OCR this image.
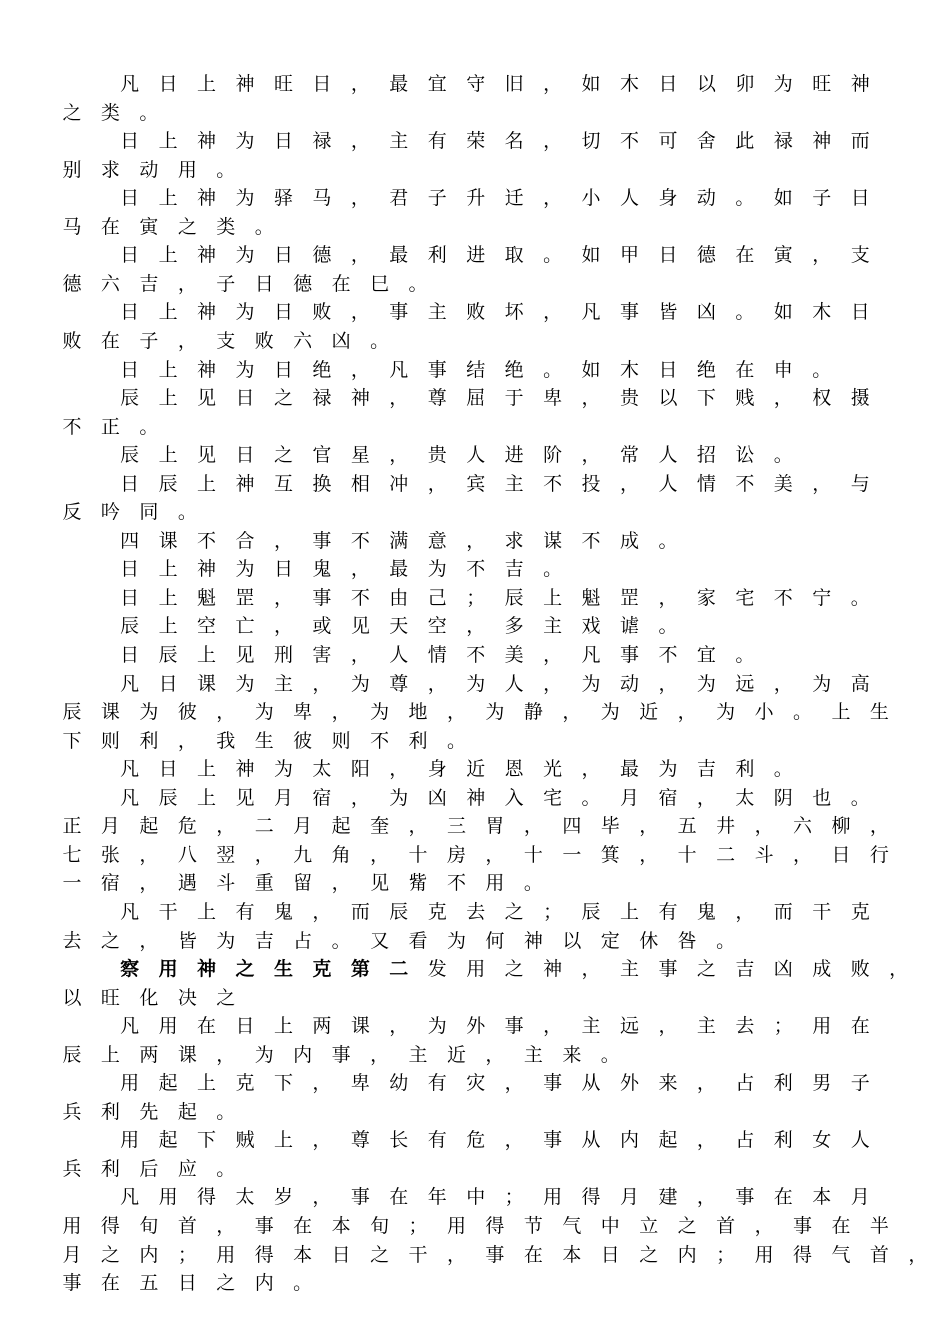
凡 日 上 神 旺 日 ， 最 宜 守 旧 ， 如 木 日 以 卯 为 旺 神
之 类 。
日 上 神 为 日 禄 ， 主 有 荣 名 ， 切 不 可 舍 此 禄 神 而
别 求 动 用 。
日 上 神 为 驿 马 ， 君 子 升 迁 ， 小 人 身 动 。 如 子 日
马 在 寅 之 类 。
日 上 神 为 日 德 ， 最 利 进 取 。 如 甲 日 德 在 寅 ， 支
德 六 吉 ， 子 日 德 在 巳 。
日 上 神 为 日 败 ， 事 主 败 坏 ， 凡 事 皆 凶 。 如 木 日
败 在 子 ， 支 败 六 凶 。
日 上 神 为 日 绝 ， 凡 事 结 绝 。 如 木 日 绝 在 申 。
辰 上 见 日 之 禄 神 ， 尊 屈 于 卑 ， 贵 以 下 贱 ， 权 摄
不 正 。
辰 上 见 日 之 官 星 ， 贵 人 进 阶 ， 常 人 招 讼 。
日 辰 上 神 互 换 相 冲 ， 宾 主 不 投 ， 人 情 不 美 ， 与
反 吟 同 。
四 课 不 合 ， 事 不 满 意 ， 求 谋 不 成 。
日 上 神 为 日 鬼 ， 最 为 不 吉 。
日 上 魁 罡 ， 事 不 由 己 ； 辰 上 魁 罡 ， 家 宅 不 宁 。
辰 上 空 亡 ， 或 见 天 空 ， 多 主 戏 谑 。
日 辰 上 见 刑 害 ， 人 情 不 美 ， 凡 事 不 宜 。
凡 日 课 为 主 ， 为 尊 ， 为 人 ， 为 动 ， 为 远 ， 为 高
辰 课 为 彼 ， 为 卑 ， 为 地 ， 为 静 ， 为 近 ， 为 小 。 上 生
下 则 利 ， 我 生 彼 则 不 利 。
凡 日 上 神 为 太 阳 ， 身 近 恩 光 ， 最 为 吉 利 。
凡 辰 上 见 月 宿 ， 为 凶 神 入 宅 。 月 宿 ， 太 阴 也 。
正 月 起 危 ， 二 月 起 奎 ， 三 胃 ， 四 毕 ， 五 井 ， 六 柳 ，
七 张 ， 八 翌 ， 九 角 ， 十 房 ， 十 一 箕 ， 十 二 斗 ， 日 行
一 宿 ， 遇 斗 重 留 ， 见 觜 不 用 。
凡 干 上 有 鬼 ， 而 辰 克 去 之 ； 辰 上 有 鬼 ， 而 干 克
去 之 ， 皆 为 吉 占 。 又 看 为 何 神 以 定 休 咎 。
察 用 神 之 生 克 第 二 发 用 之 神 ， 主 事 之 吉 凶 成 败 ，
以 旺 化 决 之
凡 用 在 日 上 两 课 ， 为 外 事 ， 主 远 ， 主 去 ； 用 在
辰 上 两 课 ， 为 内 事 ， 主 近 ， 主 来 。
用 起 上 克 下 ， 卑 幼 有 灾 ， 事 从 外 来 ， 占 利 男 子
兵 利 先 起 。
用 起 下 贼 上 ， 尊 长 有 危 ， 事 从 内 起 ， 占 利 女 人
兵 利 后 应 。
凡 用 得 太 岁 ， 事 在 年 中 ； 用 得 月 建 ， 事 在 本 月
用 得 旬 首 ， 事 在 本 旬 ； 用 得 节 气 中 立 之 首 ， 事 在 半
月 之 内 ； 用 得 本 日 之 干 ， 事 在 本 日 之 内 ； 用 得 气 首 ，
事 在 五 日 之 内 。
